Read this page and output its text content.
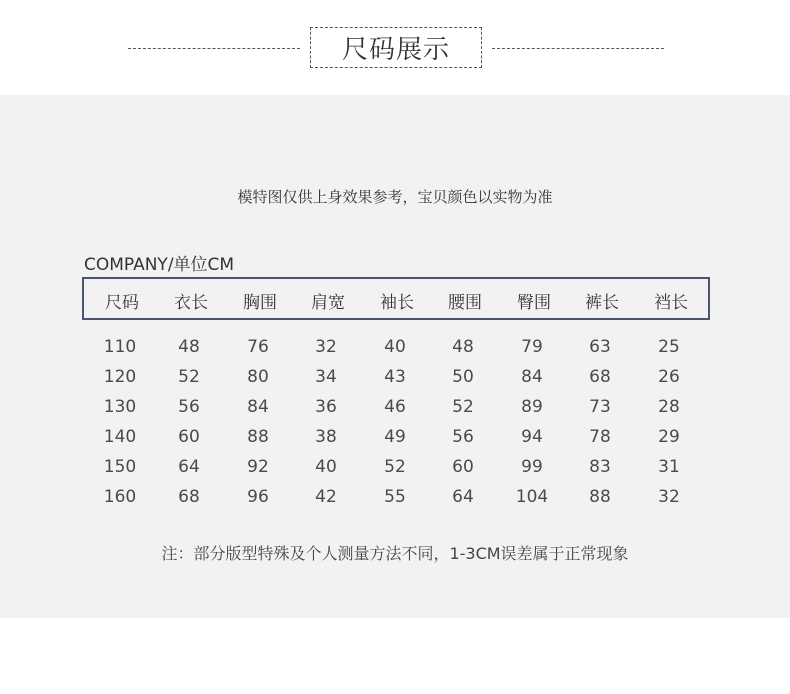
尺码展示
模特图仅供上身效果参考，宝贝颜色以实物为准
COMPANY/单位CM
尺码	衣长	胸围	肩宽	袖长	腰围	臀围	裤长	裆长
110	48	76	32	40	48	79	63	25
120	52	80	34	43	50	84	68	26
130	56	84	36	46	52	89	73	28
140	60	88	38	49	56	94	78	29
150	64	92	40	52	60	99	83	31
160	68	96	42	55	64	104	88	32
注：部分版型特殊及个人测量方法不同，1-3CM误差属于正常现象
